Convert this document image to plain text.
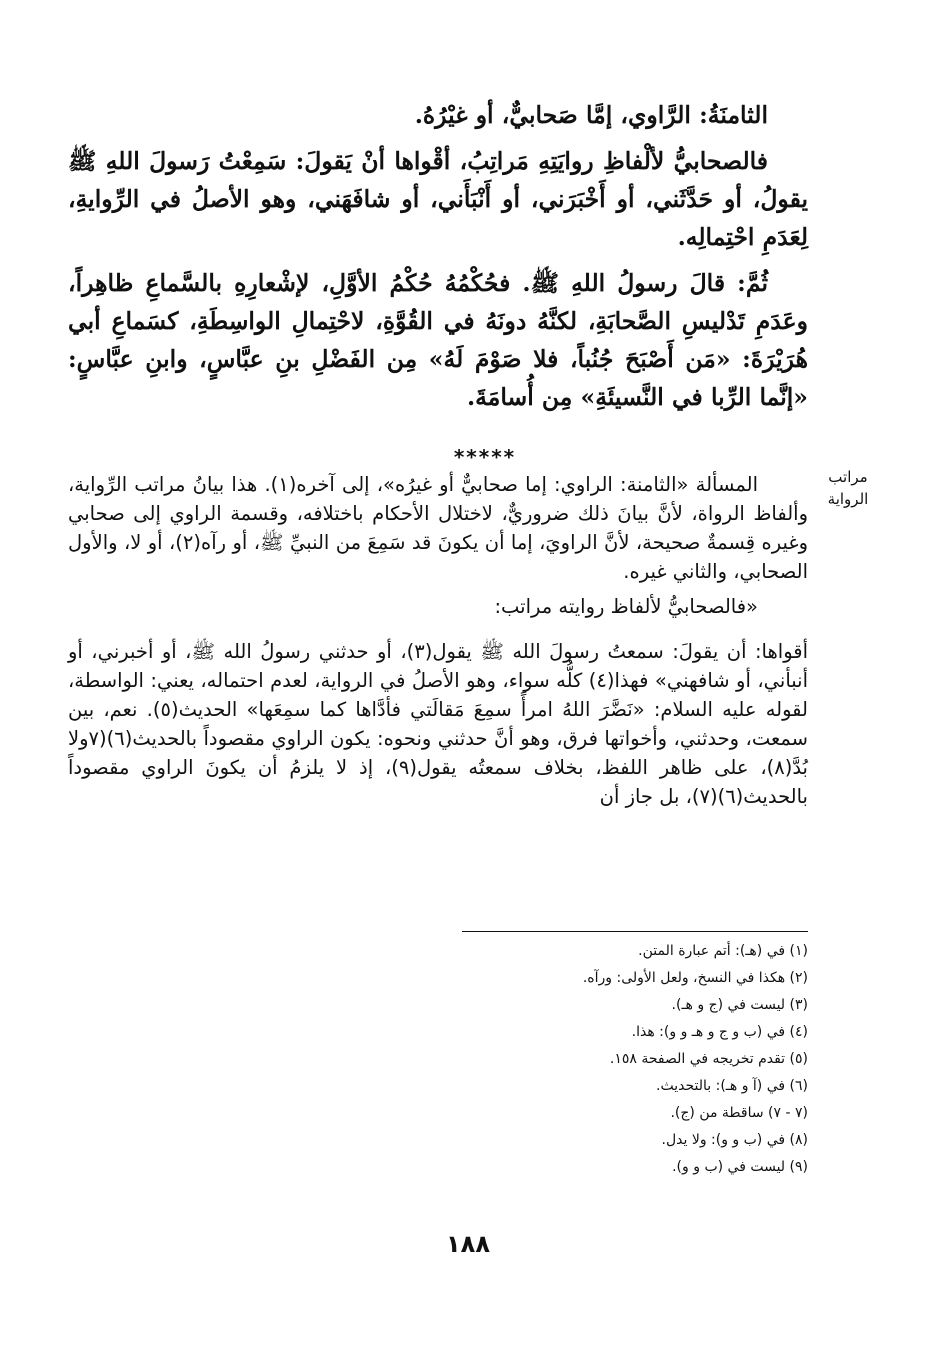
الثامنَةُ: الرَّاوي، إمَّا صَحابيٌّ، أو غيْرُهُ.

فالصحابيُّ لألْفاظِ روايَتِهِ مَراتِبُ، أقْواها أنْ يَقولَ: سَمِعْتُ رَسولَ اللهِ ﷺ يقولُ، أو حَدَّثَني، أو أَخْبَرَني، أو أَنْبَأَني، أو شافَهَني، وهو الأصلُ في الرِّوايةِ، لِعَدَمِ احْتِمالِه.

ثُمَّ: قالَ رسولُ اللهِ ﷺ. فحُكْمُهُ حُكْمُ الأوَّلِ، لإشْعارِهِ بالسَّماعِ ظاهِراً، وعَدَمِ تَدْليسِ الصَّحابَةِ، لكنَّهُ دونَهُ في القُوَّةِ، لاحْتِمالِ الواسِطَةِ، كسَماعِ أبي هُرَيْرَةَ: «مَن أَصْبَحَ جُنُباً، فلا صَوْمَ لَهُ» مِن الفَضْلِ بنِ عبَّاسٍ، وابنِ عبَّاسٍ: «إنَّما الرِّبا في النَّسيئَةِ» مِن أُسامَةَ.

*****
مراتب
الرواية

المسألة «الثامنة: الراوي: إما صحابيٌّ أو غيرُه»، إلى آخره(١). هذا بيانُ مراتب الرِّواية، وألفاظ الرواة، لأنَّ بيانَ ذلك ضروريٌّ، لاختلال الأحكام باختلافه، وقسمة الراوي إلى صحابي وغيره قِسمةٌ صحيحة، لأنَّ الراويَ، إما أن يكونَ قد سَمِعَ من النبيِّ ﷺ، أو رآه(٢)، أو لا، والأول الصحابي، والثاني غيره.

«فالصحابيُّ لألفاظ روايته مراتب:

أقواها: أن يقولَ: سمعتُ رسولَ الله ﷺ يقول(٣)، أو حدثني رسولُ الله ﷺ، أو أخبرني، أو أنبأني، أو شافهني» فهذا(٤) كلُّه سواء، وهو الأصلُ في الرواية، لعدم احتماله، يعني: الواسطة، لقوله عليه السلام: «نَضَّرَ اللهُ امرأً سمِعَ مَقالَتي فأدَّاها كما سمِعَها» الحديث(٥). نعم، بين سمعت، وحدثني، وأخواتها فرق، وهو أنَّ حدثني ونحوه: يكون الراوي مقصوداً بالحديث(٦)(٧ولا بُدَّ(٨)، على ظاهر اللفظ، بخلاف سمعتُه يقول(٩)، إذ لا يلزمُ أن يكونَ الراوي مقصوداً بالحديث(٦)(٧)، بل جاز أن

(١) في (هـ): أتم عبارة المتن.
(٢) هكذا في النسخ، ولعل الأولى: ورآه.
(٣) ليست في (ج و هـ).
(٤) في (ب و ج و هـ و و): هذا.
(٥) تقدم تخريجه في الصفحة ١٥٨.
(٦) في (آ و هـ): بالتحديث.
(٧ - ٧) ساقطة من (ج).
(٨) في (ب و و): ولا يدل.
(٩) ليست في (ب و و).
١٨٨
